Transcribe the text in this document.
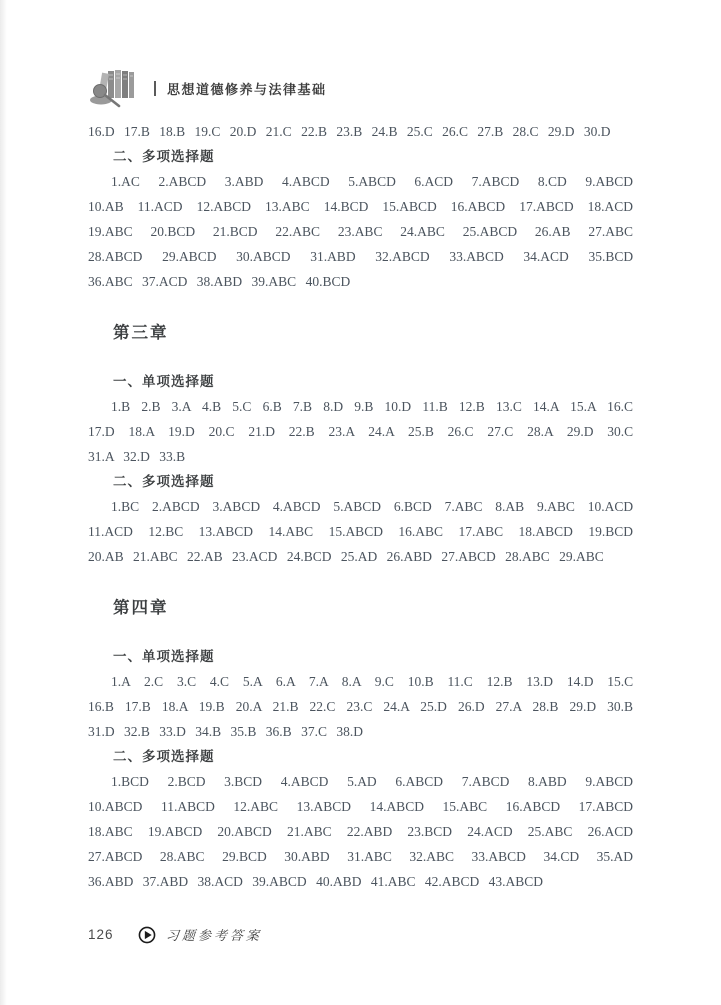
思想道德修养与法律基础
16.D 17.B 18.B 19.C 20.D 21.C 22.B 23.B 24.B 25.C 26.C 27.B 28.C 29.D 30.D
二、多项选择题
1.AC 2.ABCD 3.ABD 4.ABCD 5.ABCD 6.ACD 7.ABCD 8.CD 9.ABCD
10.AB 11.ACD 12.ABCD 13.ABC 14.BCD 15.ABCD 16.ABCD 17.ABCD 18.ACD
19.ABC 20.BCD 21.BCD 22.ABC 23.ABC 24.ABC 25.ABCD 26.AB 27.ABC
28.ABCD 29.ABCD 30.ABCD 31.ABD 32.ABCD 33.ABCD 34.ACD 35.BCD
36.ABC 37.ACD 38.ABD 39.ABC 40.BCD
第三章
一、单项选择题
1.B 2.B 3.A 4.B 5.C 6.B 7.B 8.D 9.B 10.D 11.B 12.B 13.C 14.A 15.A 16.C
17.D 18.A 19.D 20.C 21.D 22.B 23.A 24.A 25.B 26.C 27.C 28.A 29.D 30.C
31.A 32.D 33.B
二、多项选择题
1.BC 2.ABCD 3.ABCD 4.ABCD 5.ABCD 6.BCD 7.ABC 8.AB 9.ABC 10.ACD
11.ACD 12.BC 13.ABCD 14.ABC 15.ABCD 16.ABC 17.ABC 18.ABCD 19.BCD
20.AB 21.ABC 22.AB 23.ACD 24.BCD 25.AD 26.ABD 27.ABCD 28.ABC 29.ABC
第四章
一、单项选择题
1.A 2.C 3.C 4.C 5.A 6.A 7.A 8.A 9.C 10.B 11.C 12.B 13.D 14.D 15.C
16.B 17.B 18.A 19.B 20.A 21.B 22.C 23.C 24.A 25.D 26.D 27.A 28.B 29.D 30.B
31.D 32.B 33.D 34.B 35.B 36.B 37.C 38.D
二、多项选择题
1.BCD 2.BCD 3.BCD 4.ABCD 5.AD 6.ABCD 7.ABCD 8.ABD 9.ABCD
10.ABCD 11.ABCD 12.ABC 13.ABCD 14.ABCD 15.ABC 16.ABCD 17.ABCD
18.ABC 19.ABCD 20.ABCD 21.ABC 22.ABD 23.BCD 24.ACD 25.ABC 26.ACD
27.ABCD 28.ABC 29.BCD 30.ABD 31.ABC 32.ABC 33.ABCD 34.CD 35.AD
36.ABD 37.ABD 38.ACD 39.ABCD 40.ABD 41.ABC 42.ABCD 43.ABCD
126	习题参考答案
